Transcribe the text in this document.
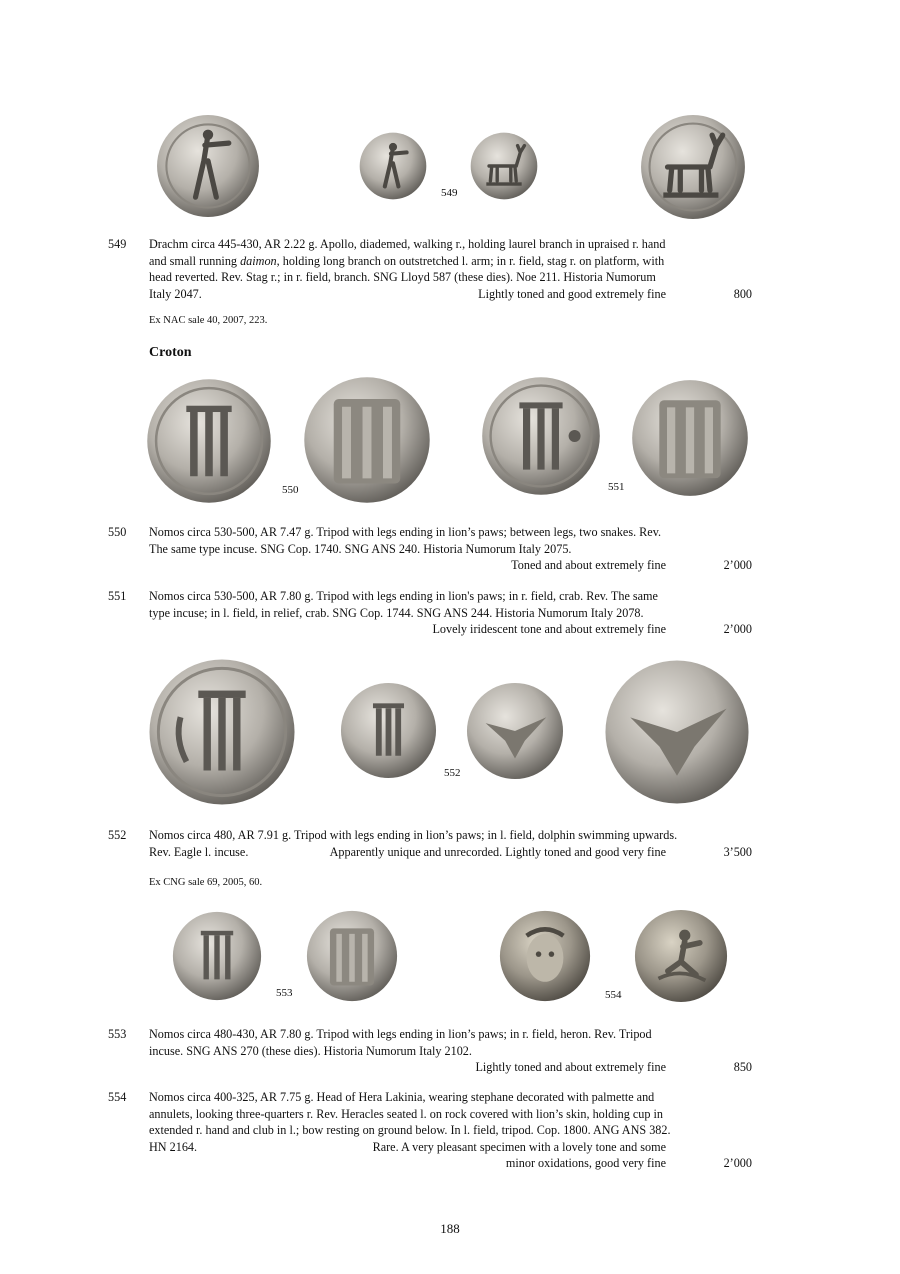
549
549	Drachm circa 445-430, AR 2.22 g. Apollo, diademed, walking r., holding laurel branch in upraised r. hand
and small running daimon, holding long branch on outstretched l. arm; in r. field, stag r. on platform, with
head reverted. Rev. Stag r.; in r. field, branch. SNG Lloyd 587 (these dies). Noe 211. Historia Numorum
Italy 2047.	Lightly toned and good extremely fine	800
Ex NAC sale 40, 2007, 223.
Croton
550	551
550	Nomos circa 530-500, AR 7.47 g. Tripod with legs ending in lion’s paws; between legs, two snakes. Rev.
The same type incuse. SNG Cop. 1740. SNG ANS 240. Historia Numorum Italy 2075.
Toned and about extremely fine	2’000
551	Nomos circa 530-500, AR 7.80 g. Tripod with legs ending in lion's paws; in r. field, crab. Rev. The same
type incuse; in l. field, in relief, crab. SNG Cop. 1744. SNG ANS 244. Historia Numorum Italy 2078.
Lovely iridescent tone and about extremely fine	2’000
552
552	Nomos circa 480, AR 7.91 g. Tripod with legs ending in lion’s paws; in l. field, dolphin swimming upwards.
Rev. Eagle l. incuse.	Apparently unique and unrecorded. Lightly toned and good very fine	3’500
Ex CNG sale 69, 2005, 60.
553	554
553	Nomos circa 480-430, AR 7.80 g. Tripod with legs ending in lion’s paws; in r. field, heron. Rev. Tripod
incuse. SNG ANS 270 (these dies). Historia Numorum Italy 2102.
Lightly toned and about extremely fine	850
554	Nomos circa 400-325, AR 7.75 g. Head of Hera Lakinia, wearing stephane decorated with palmette and
annulets, looking three-quarters r. Rev. Heracles seated l. on rock covered with lion’s skin, holding cup in
extended r. hand and club in l.; bow resting on ground below. In l. field, tripod. Cop. 1800. ANG ANS 382.
HN 2164.	Rare. A very pleasant specimen with a lovely tone and some
minor oxidations, good very fine	2’000
188
